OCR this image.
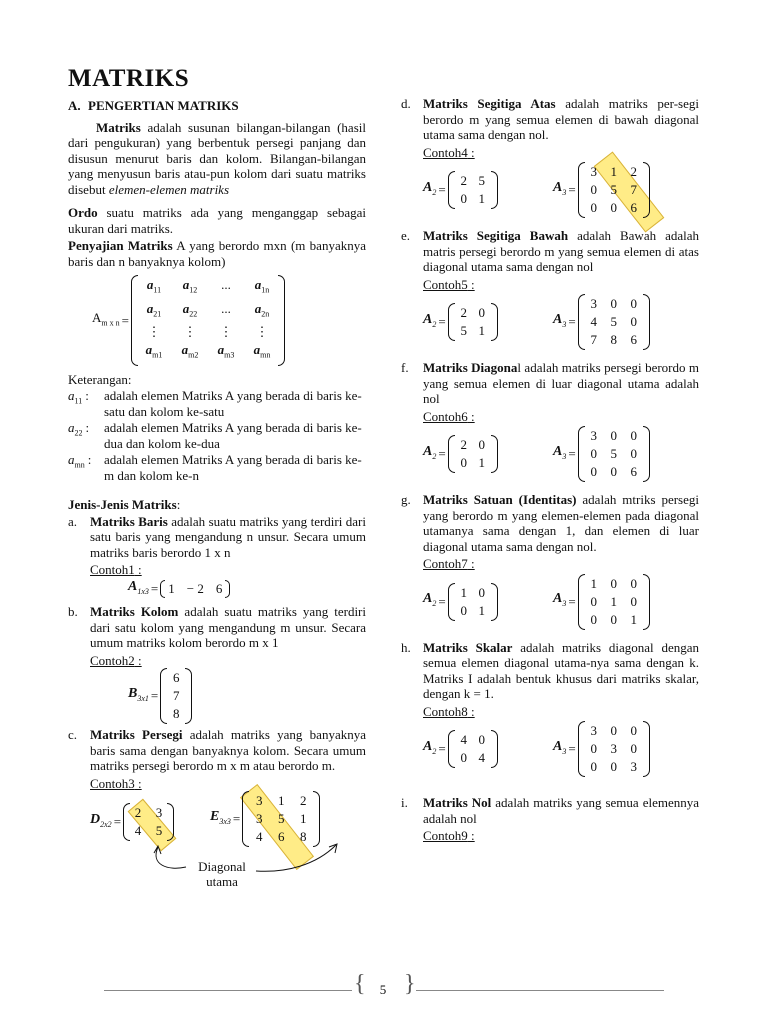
MATRIKS
A. PENGERTIAN MATRIKS

Matriks adalah susunan bilangan-bilangan (hasil dari pengukuran) yang berbentuk persegi panjang dan disusun menurut baris dan kolom. Bilangan-bilangan yang menyusun baris atau-pun kolom dari suatu matriks disebut elemen-elemen matriks

Ordo suatu matriks ada yang menganggap sebagai ukuran dari matriks.

Penyajian Matriks A yang berordo mxn (m banyaknya baris dan n banyaknya kolom)

$A_{m x n}$ =
$a_{11}$	$a_{12}$	...	$a_{1n}$
$a_{21}$	$a_{22}$	...	$a_{2n}$
⋮	⋮	⋮	⋮
$a_{m1}$	$a_{m2}$	$a_{m3}$	$a_{mn}$
Keterangan:
$a_{11}$ :	adalah elemen Matriks A yang berada di baris ke-satu dan kolom ke-satu
$a_{22}$ :	adalah elemen Matriks A yang berada di baris ke-dua dan kolom ke-dua
$a_{mn}$ : adalah elemen Matriks A yang berada di baris ke-m dan kolom ke-n
Jenis-Jenis Matriks:
a. Matriks Baris adalah suatu matriks yang terdiri dari satu baris yang mengandung n unsur. Secara umum matriks baris berordo 1 x n

Contoh1 :
$A_{1x3} = 1 - 2$ 6
b. Matriks Kolom adalah suatu matriks yang terdiri dari satu kolom yang mengandung m unsur. Secara umum matriks kolom berordo m x 1

Contoh2 :
$B_{3x1}$ =
6
7
8
c. Matriks Persegi adalah matriks yang banyaknya baris sama dengan banyaknya kolom. Secara umum matriks persegi berordo m x m atau berordo m.

Contoh3 :
$D_{2x2}$ =
2 3
4 5
$E_{3x3}$ =
3	1	2
3	5	1
4	6	8
Diagonal utama
d. Matriks Segitiga Atas adalah matriks per-segi berordo m yang semua elemen di bawah diagonal utama sama dengan nol.

Contoh4 :
$A_2$ =
2 5
0 1
$A_3$ =
3 1 2
0 5 7
0 0 6
e. Matriks Segitiga Bawah adalah Bawah adalah matris persegi berordo m yang semua elemen di atas diagonal utama sama dengan nol

Contoh5 :
$A_2$ =
2 0
5 1
$A_3$ =
3 0 0
4 5 0
7 8 6
f.	Matriks Diagonal adalah matriks persegi berordo m yang semua elemen di luar diagonal utama adalah nol

Contoh6 :
$A_2$ =
2 0
0 1
$A_3$ =
3 0 0
0 5 0
0 0 6
g. Matriks Satuan (Identitas) adalah mtriks persegi yang berordo m yang elemen-elemen pada diagonal utamanya sama dengan 1, dan elemen di luar diagonal utama sama dengan nol.

Contoh7 :
$A_2$ =
1 0
0 1
$A_3$ =
1 0 0
0 1 0
0 0 1
h. Matriks Skalar adalah matriks diagonal dengan semua elemen diagonal utama-nya sama dengan k. Matriks I adalah bentuk khusus dari matriks skalar, dengan k = 1.

Contoh8 :
$A_2$ =
4 0
0 4
$A_3$ =
3 0 0
0 3 0
0 0 3
i.	Matriks Nol adalah matriks yang semua elemennya adalah nol

Contoh9 :
{	5 }
